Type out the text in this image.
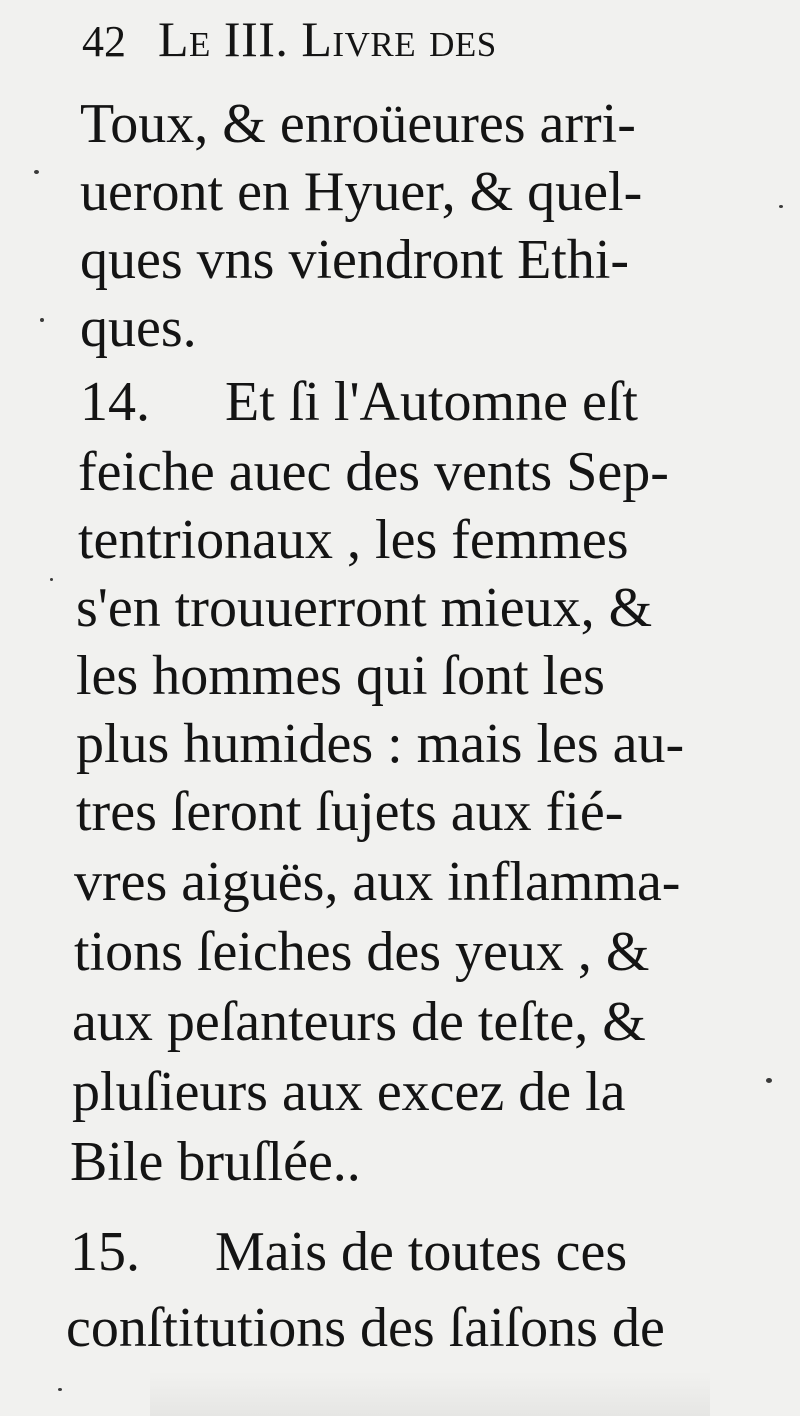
42 Le III. Livre des
Toux, & enroüeures arri-
ueront en Hyuer, & quel-
ques vns viendront Ethi-
ques.
14. Et ſi l'Automne eſt
feiche auec des vents Sep-
tentrionaux , les femmes
s'en trouuerront mieux, &
les hommes qui ſont les
plus humides : mais les au-
tres ſeront ſujets aux fié-
vres aiguës, aux inflamma-
tions ſeiches des yeux , &
aux peſanteurs de teſte, &
pluſieurs aux excez de la
Bile bruſlée..
15. Mais de toutes ces
conſtitutions des ſaiſons de
